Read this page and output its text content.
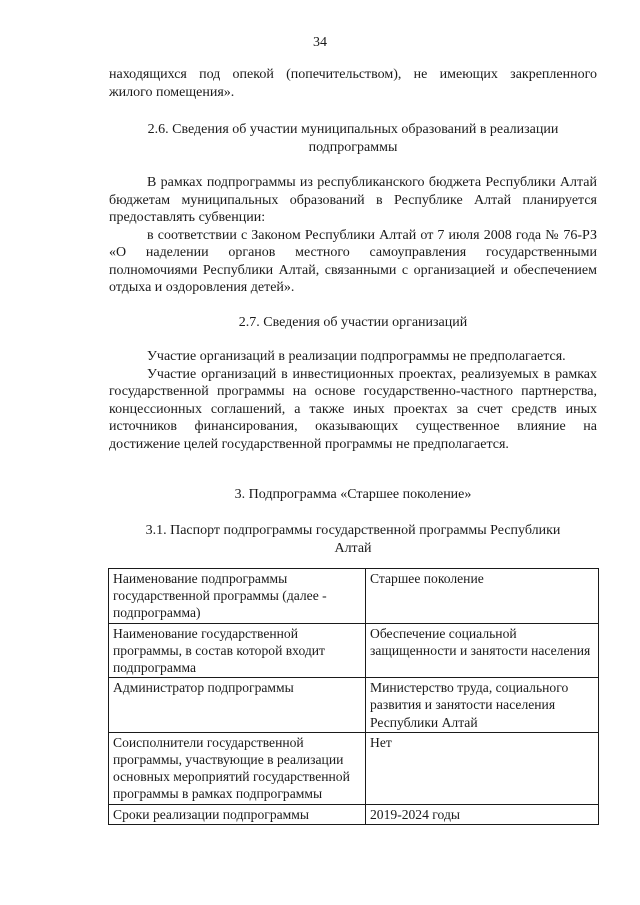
34

находящихся под опекой (попечительством), не имеющих закрепленного

жилого помещения».

2.6. Сведения об участии муниципальных образований в реализации
подпрограммы

В рамках подпрограммы из республиканского бюджета Республики Алтай бюджетам муниципальных образований в Республике Алтай планируется предоставлять субвенции:

в соответствии с Законом Республики Алтай от 7 июля 2008 года № 76-РЗ «О наделении органов местного самоуправления государственными полномочиями Республики Алтай, связанными с организацией и обеспечением отдыха и оздоровления детей».

2.7. Сведения об участии организаций

Участие организаций в реализации подпрограммы не предполагается.

Участие организаций в инвестиционных проектах, реализуемых в рамках государственной программы на основе государственно-частного партнерства, концессионных соглашений, а также иных проектах за счет средств иных источников финансирования, оказывающих существенное влияние на достижение целей государственной программы не предполагается.

3. Подпрограмма «Старшее поколение»
3.1. Паспорт подпрограммы государственной программы Республики
Алтай
Наименование подпрограммы государственной программы (далее - подпрограмма)	Старшее поколение
Наименование государственной программы, в состав которой входит подпрограмма	Обеспечение социальной защищенности и занятости населения
Администратор подпрограммы	Министерство труда, социального развития и занятости населения Республики Алтай
Соисполнители государственной программы, участвующие в реализации основных мероприятий государственной программы в рамках подпрограммы	Нет
Сроки реализации подпрограммы	2019-2024 годы
